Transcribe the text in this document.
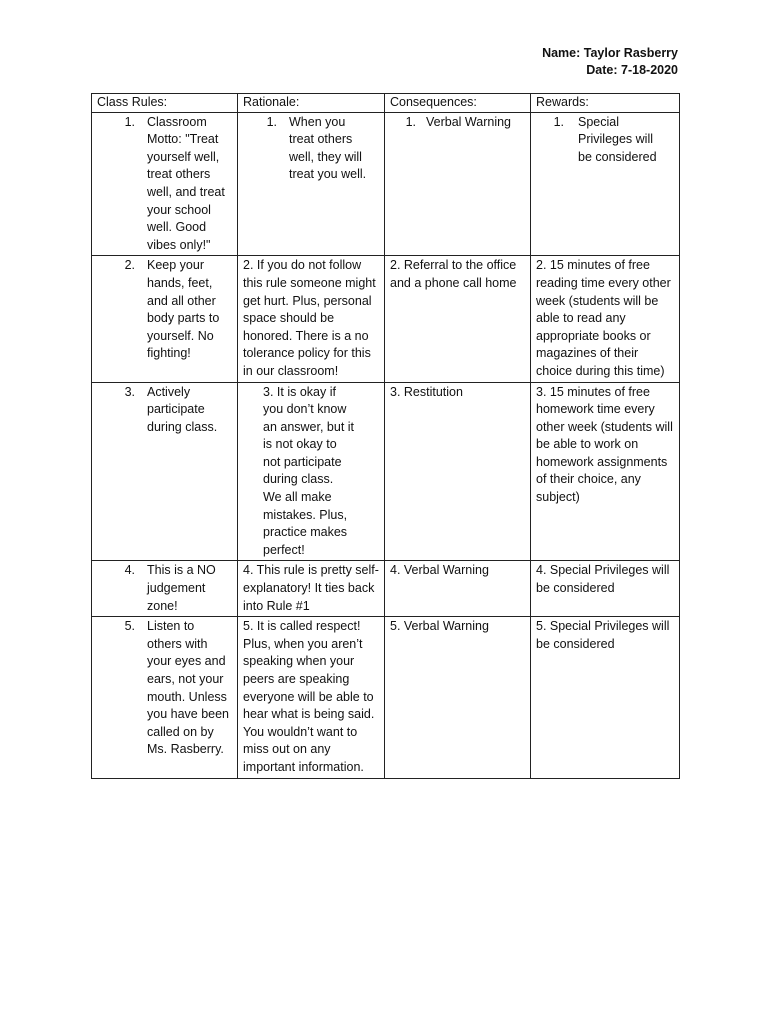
Name: Taylor Rasberry
Date: 7-18-2020
Class Rules:	Rationale:	Consequences:	Rewards:

1. Classroom Motto: "Treat yourself well, treat others well, and treat your school well. Good vibes only!"	1. When you treat others well, they will treat you well.	1. Verbal Warning	1. Special Privileges will be considered

2. Keep your hands, feet, and all other body parts to yourself. No fighting!	2. If you do not follow this rule someone might get hurt. Plus, personal space should be honored. There is a no tolerance policy for this in our classroom!	2. Referral to the office and a phone call home	2. 15 minutes of free reading time every other week (students will be able to read any appropriate books or magazines of their choice during this time)

3. Actively participate during class.	3. It is okay if you don’t know an answer, but it is not okay to not participate during class. We all make mistakes. Plus, practice makes perfect!	3. Restitution	3. 15 minutes of free homework time every other week (students will be able to work on homework assignments of their choice, any subject)

4. This is a NO judgement zone!	4. This rule is pretty self-explanatory! It ties back into Rule #1	4. Verbal Warning	4. Special Privileges will be considered

5. Listen to others with your eyes and ears, not your mouth. Unless you have been called on by Ms. Rasberry.	5. It is called respect! Plus, when you aren’t speaking when your peers are speaking everyone will be able to hear what is being said. You wouldn’t want to miss out on any important information.	5. Verbal Warning	5. Special Privileges will be considered
